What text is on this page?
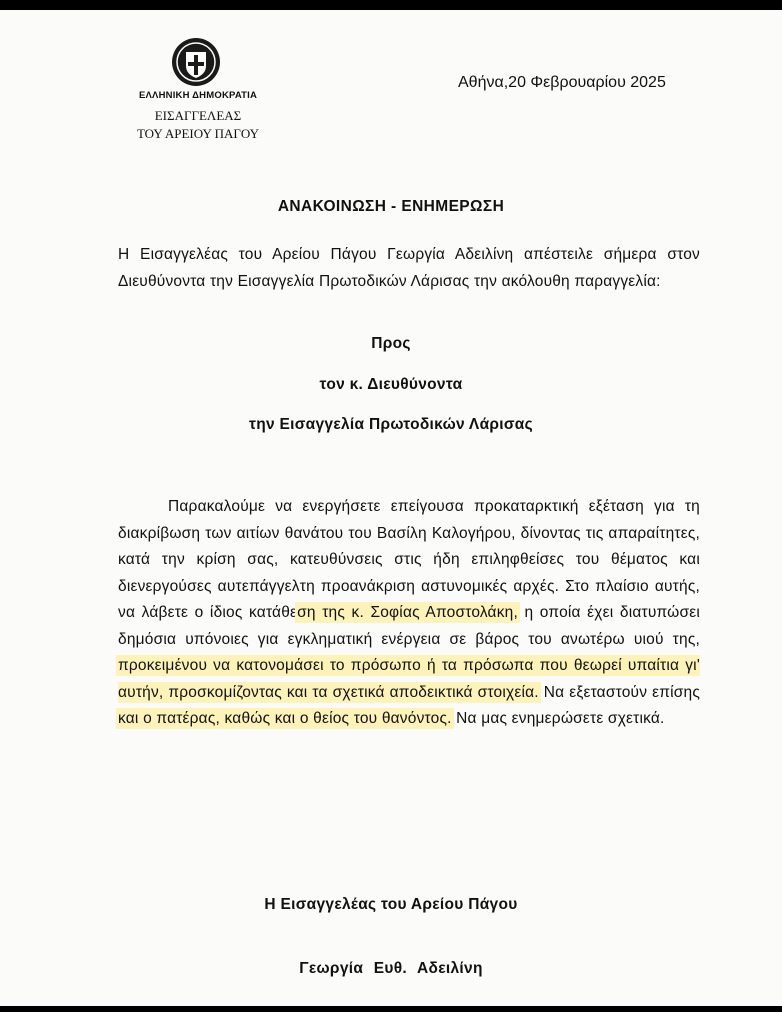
ΕΛΛΗΝΙΚΗ ΔΗΜΟΚΡΑΤΙΑ
ΕΙΣΑΓΓΕΛΕΑΣ
ΤΟΥ ΑΡΕΙΟΥ ΠΑΓΟΥ
Αθήνα,20 Φεβρουαρίου 2025
ΑΝΑΚΟΙΝΩΣΗ - ΕΝΗΜΕΡΩΣΗ
Η Εισαγγελέας του Αρείου Πάγου Γεωργία Αδειλίνη απέστειλε σήμερα στον Διευθύνοντα την Εισαγγελία Πρωτοδικών Λάρισας την ακόλουθη παραγγελία:
Προς
τον κ. Διευθύνοντα
την Εισαγγελία Πρωτοδικών Λάρισας
Παρακαλούμε να ενεργήσετε επείγουσα προκαταρκτική εξέταση για τη διακρίβωση των αιτίων θανάτου του Βασίλη Καλογήρου, δίνοντας τις απαραίτητες, κατά την κρίση σας, κατευθύνσεις στις ήδη επιληφθείσες του θέματος και διενεργούσες αυτεπάγγελτη προανάκριση αστυνομικές αρχές. Στο πλαίσιο αυτής, να λάβετε ο ίδιος κατάθεση της κ. Σοφίας Αποστολάκη, η οποία έχει διατυπώσει δημόσια υπόνοιες για εγκληματική ενέργεια σε βάρος του ανωτέρω υιού της, προκειμένου να κατονομάσει το πρόσωπο ή τα πρόσωπα που θεωρεί υπαίτια γι' αυτήν, προσκομίζοντας και τα σχετικά αποδεικτικά στοιχεία. Να εξεταστούν επίσης και ο πατέρας, καθώς και ο θείος του θανόντος. Να μας ενημερώσετε σχετικά.
Η Εισαγγελέας του Αρείου Πάγου
Γεωργία Ευθ. Αδειλίνη
